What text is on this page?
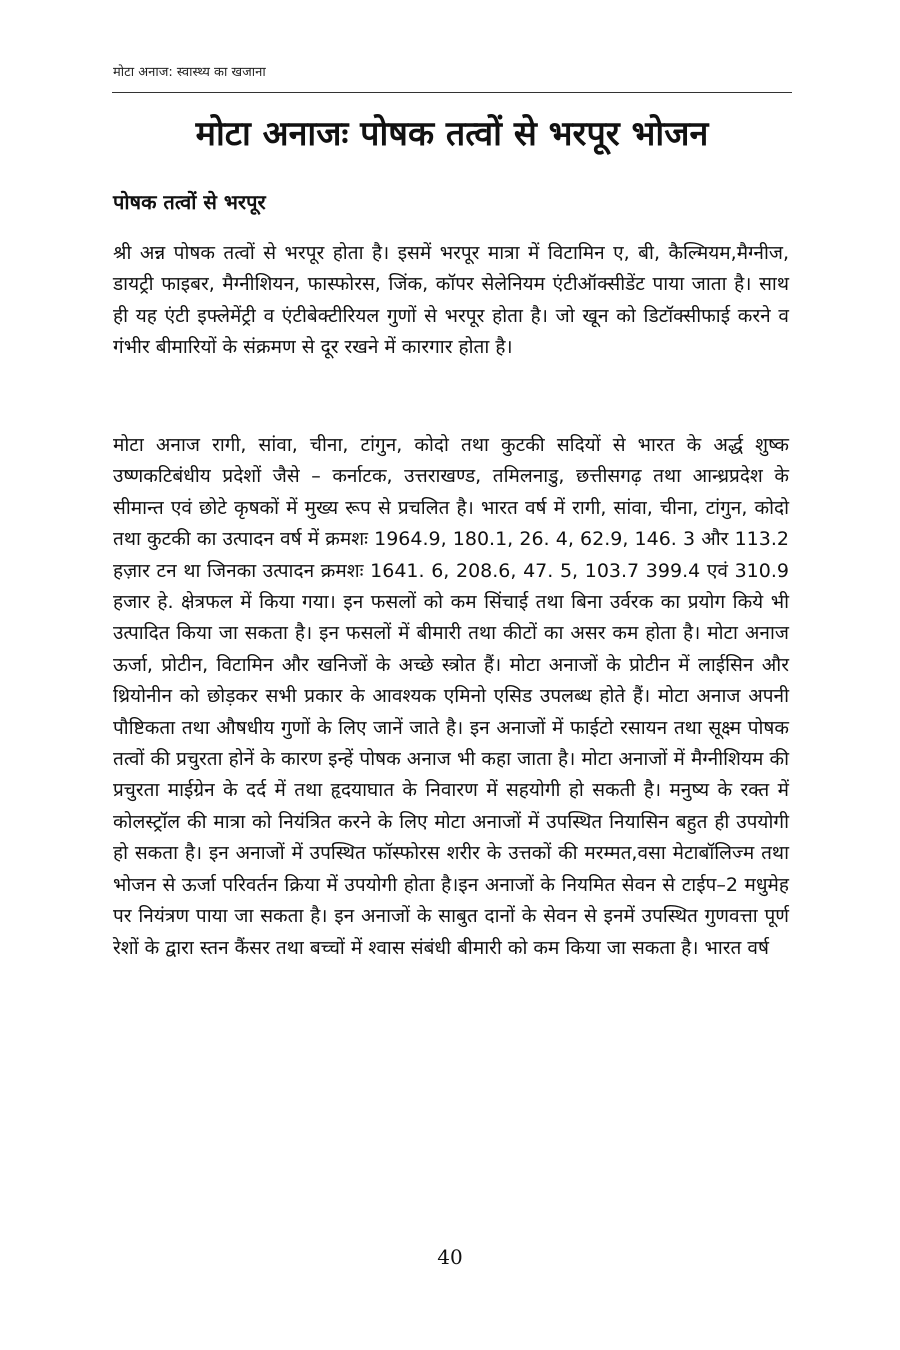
मोटा अनाज: स्वास्थ्य का खजाना
मोटा अनाजः पोषक तत्वों से भरपूर भोजन
पोषक तत्वों से भरपूर

श्री अन्न पोषक तत्वों से भरपूर होता है। इसमें भरपूर मात्रा में विटामिन ए, बी, कैल्मियम,मैग्नीज, डायट्री फाइबर, मैग्नीशियन, फास्फोरस, जिंक, कॉपर सेलेनियम एंटीऑक्सीडेंट पाया जाता है। साथ ही यह एंटी इफ्लेमेंट्री व एंटीबेक्टीरियल गुणों से भरपूर होता है। जो खून को डिटॉक्सीफाई करने व गंभीर बीमारियों के संक्रमण से दूर रखने में कारगार होता है।

मोटा अनाज रागी, सांवा, चीना, टांगुन, कोदो तथा कुटकी सदियों से भारत के अर्द्ध शुष्क उष्णकटिबंधीय प्रदेशों जैसे – कर्नाटक, उत्तराखण्ड, तमिलनाडु, छत्तीसगढ़ तथा आन्ध्रप्रदेश के सीमान्त एवं छोटे कृषकों में मुख्य रूप से प्रचलित है। भारत वर्ष में रागी, सांवा, चीना, टांगुन, कोदो तथा कुटकी का उत्पादन वर्ष में क्रमशः 1964.9, 180.1, 26. 4, 62.9, 146. 3 और 113.2 हज़ार टन था जिनका उत्पादन क्रमशः 1641. 6, 208.6, 47. 5, 103.7 399.4 एवं 310.9 हजार हे. क्षेत्रफल में किया गया। इन फसलों को कम सिंचाई तथा बिना उर्वरक का प्रयोग किये भी उत्पादित किया जा सकता है। इन फसलों में बीमारी तथा कीटों का असर कम होता है। मोटा अनाज ऊर्जा, प्रोटीन, विटामिन और खनिजों के अच्छे स्त्रोत हैं। मोटा अनाजों के प्रोटीन में लाईसिन और थ्रियोनीन को छोड़कर सभी प्रकार के आवश्यक एमिनो एसिड उपलब्ध होते हैं। मोटा अनाज अपनी पौष्टिकता तथा औषधीय गुणों के लिए जानें जाते है। इन अनाजों में फाईटो रसायन तथा सूक्ष्म पोषक तत्वों की प्रचुरता होनें के कारण इन्हें पोषक अनाज भी कहा जाता है। मोटा अनाजों में मैग्नीशियम की प्रचुरता माईग्रेन के दर्द में तथा हृदयाघात के निवारण में सहयोगी हो सकती है। मनुष्य के रक्त में कोलस्ट्रॉल की मात्रा को नियंत्रित करने के लिए मोटा अनाजों में उपस्थित नियासिन बहुत ही उपयोगी हो सकता है। इन अनाजों में उपस्थित फॉस्फोरस शरीर के उत्तकों की मरम्मत,वसा मेटाबॉलिज्म तथा भोजन से ऊर्जा परिवर्तन क्रिया में उपयोगी होता है।इन अनाजों के नियमित सेवन से टाईप–2 मधुमेह पर नियंत्रण पाया जा सकता है। इन अनाजों के साबुत दानों के सेवन से इनमें उपस्थित गुणवत्ता पूर्ण रेशों के द्वारा स्तन कैंसर तथा बच्चों में श्वास संबंधी बीमारी को कम किया जा सकता है। भारत वर्ष

40
